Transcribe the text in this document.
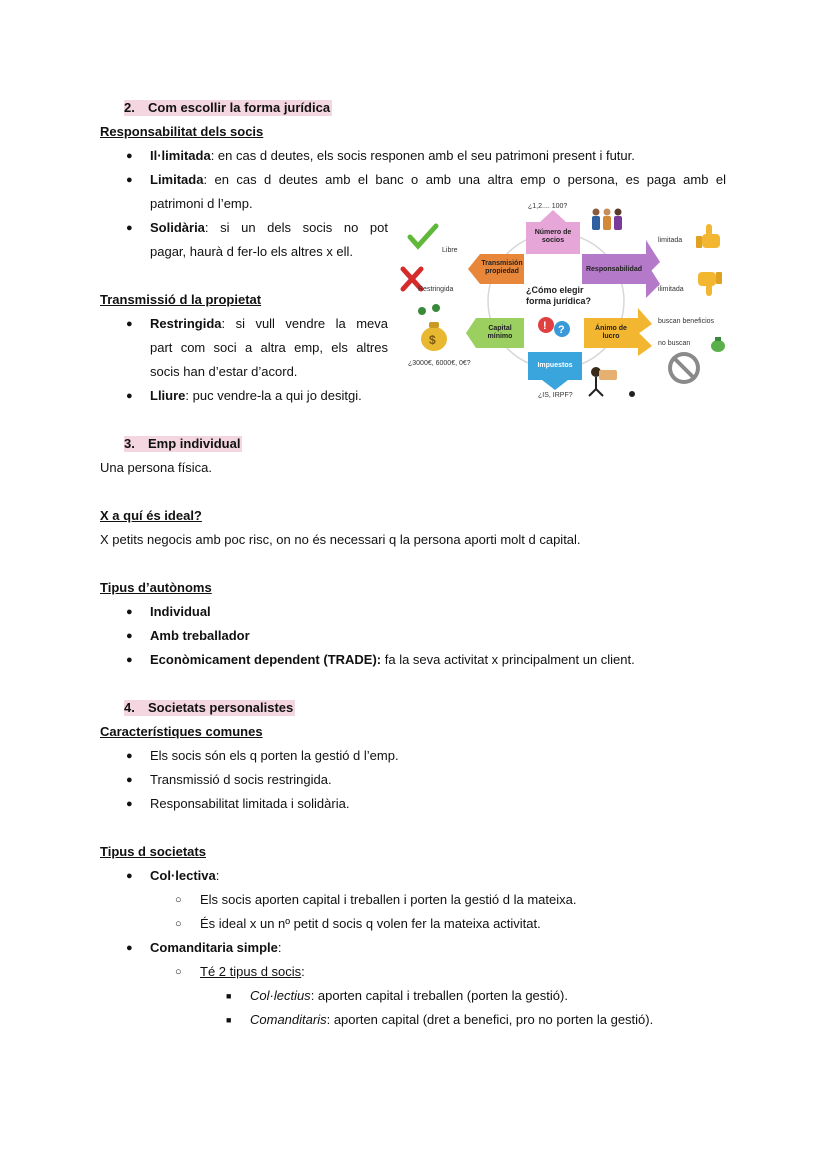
2. Com escollir la forma jurídica
Responsabilitat dels socis
● Il·limitada: en cas d deutes, els socis responen amb el seu patrimoni present i futur.
● Limitada: en cas d deutes amb el banc o amb una altra emp o persona, es paga amb el
patrimoni d l’emp.
● Solidària: si un dels socis no pot
pagar, haurà d fer-lo els altres x ell.
Transmissió d la propietat
● Restringida: si vull vendre la meva
part com soci a altra emp, els altres
socis han d’estar d’acord.
● Lliure: puc vendre-la a qui jo desitgi.
$
! ?
¿1,2.... 100?
Número de socios
Libre
Transmisión propiedad	Responsabilidad
limitada
ilimitada
Restringida	¿Cómo elegir forma jurídica?
Capital mínimo
Ánimo de lucro
buscan beneficios
no buscan
¿3000€, 6000€, 0€?	Impuestos
¿IS, IRPF?
3. Emp individual
Una persona física.
X a quí és ideal?
X petits negocis amb poc risc, on no és necessari q la persona aporti molt d capital.
Tipus d’autònoms
● Individual
● Amb treballador
● Econòmicament dependent (TRADE): fa la seva activitat x principalment un client.
4. Societats personalistes
Característiques comunes
● Els socis són els q porten la gestió d l’emp.
● Transmissió d socis restringida.
● Responsabilitat limitada i solidària.
Tipus d societats
● Col·lectiva:
○ Els socis aporten capital i treballen i porten la gestió d la mateixa.
○ És ideal x un nº petit d socis q volen fer la mateixa activitat.
● Comanditaria simple:
○ Té 2 tipus d socis:
■ Col·lectius: aporten capital i treballen (porten la gestió).
■ Comanditaris: aporten capital (dret a benefici, pro no porten la gestió).
